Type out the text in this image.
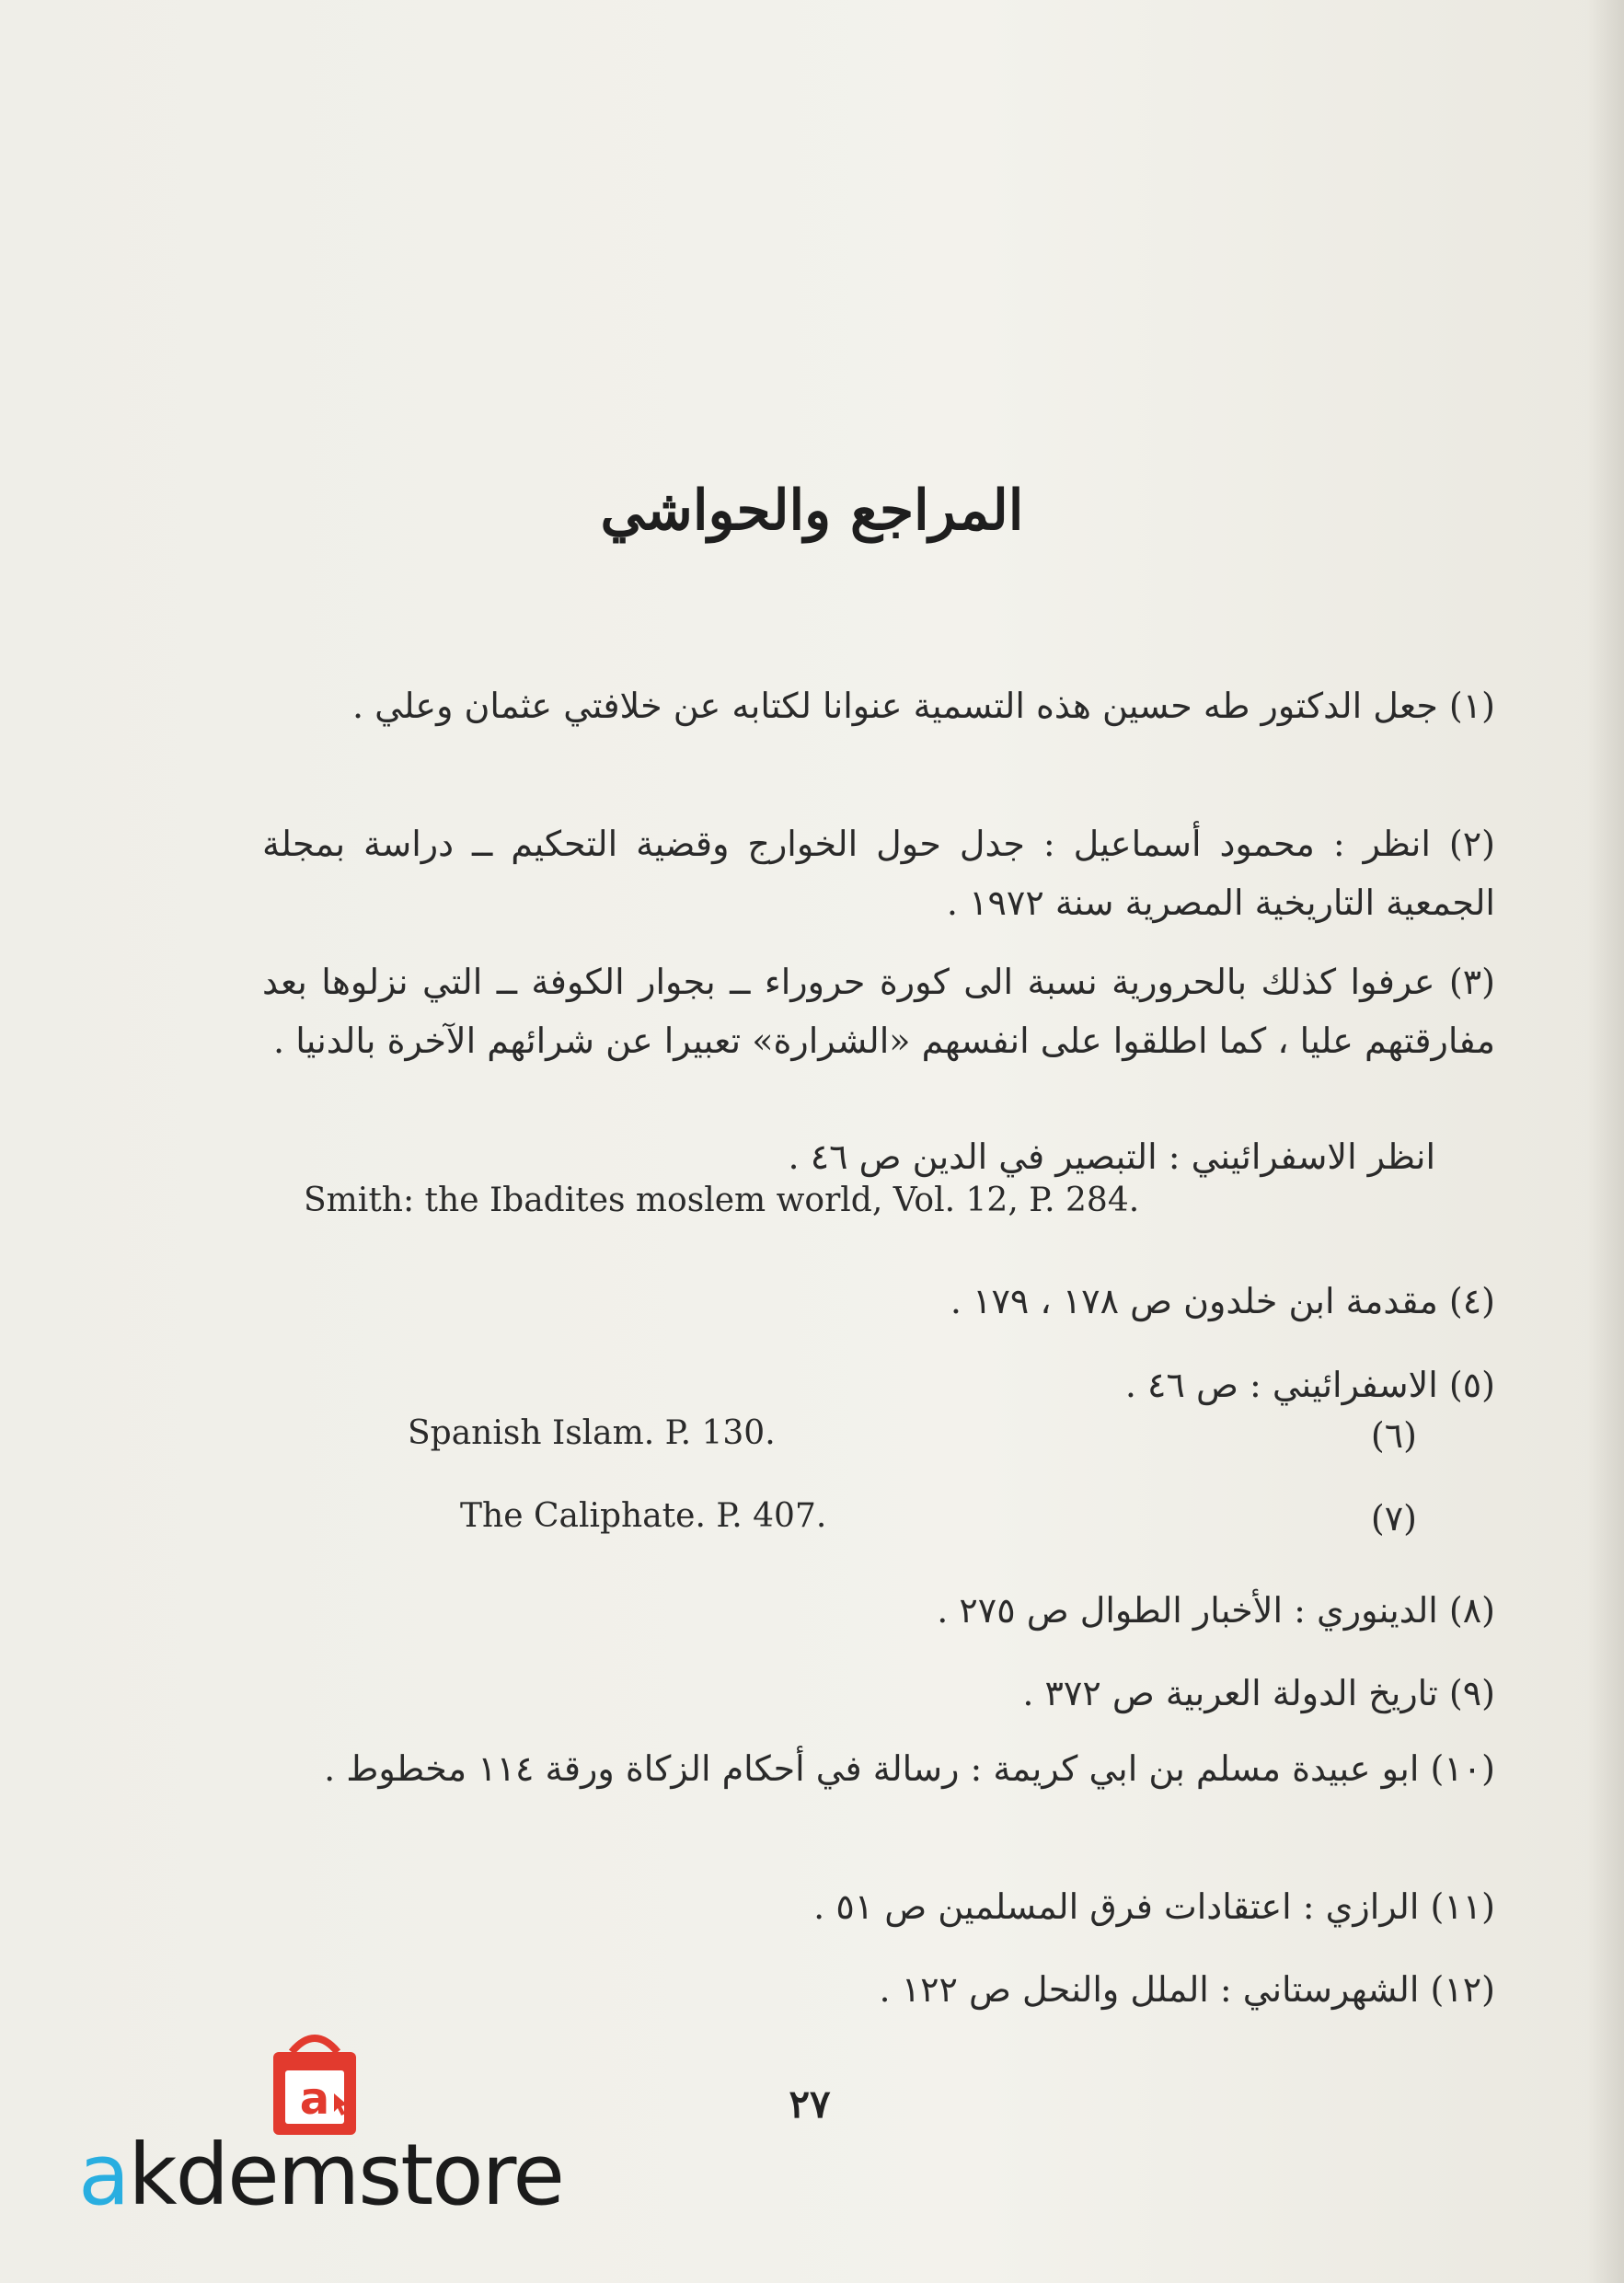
المراجع والحواشي
(١) جعل الدكتور طه حسين هذه التسمية عنوانا لكتابه عن خلافتي عثمان وعلي .
(٢) انظر : محمود أسماعيل : جدل حول الخوارج وقضية التحكيم ــ دراسة بمجلة الجمعية التاريخية المصرية سنة ١٩٧٢ .
(٣) عرفوا كذلك بالحرورية نسبة الى كورة حروراء ــ بجوار الكوفة ــ التي نزلوها بعد مفارقتهم عليا ، كما اطلقوا على انفسهم «الشرارة» تعبيرا عن شرائهم الآخرة بالدنيا .
انظر الاسفرائيني : التبصير في الدين ص ٤٦ .
Smith: the Ibadites moslem world, Vol. 12, P. 284.
(٤) مقدمة ابن خلدون ص ١٧٨ ، ١٧٩ .
(٥) الاسفرائيني : ص ٤٦ .
(٦)
Spanish Islam. P. 130.
(٧)
The Caliphate. P. 407.
(٨) الدينوري : الأخبار الطوال ص ٢٧٥ .
(٩) تاريخ الدولة العربية ص ٣٧٢ .
(١٠) ابو عبيدة مسلم بن ابي كريمة : رسالة في أحكام الزكاة ورقة ١١٤ مخطوط .
(١١) الرازي : اعتقادات فرق المسلمين ص ٥١ .
(١٢) الشهرستاني : الملل والنحل ص ١٢٢ .
٢٧
a
akdemstore
